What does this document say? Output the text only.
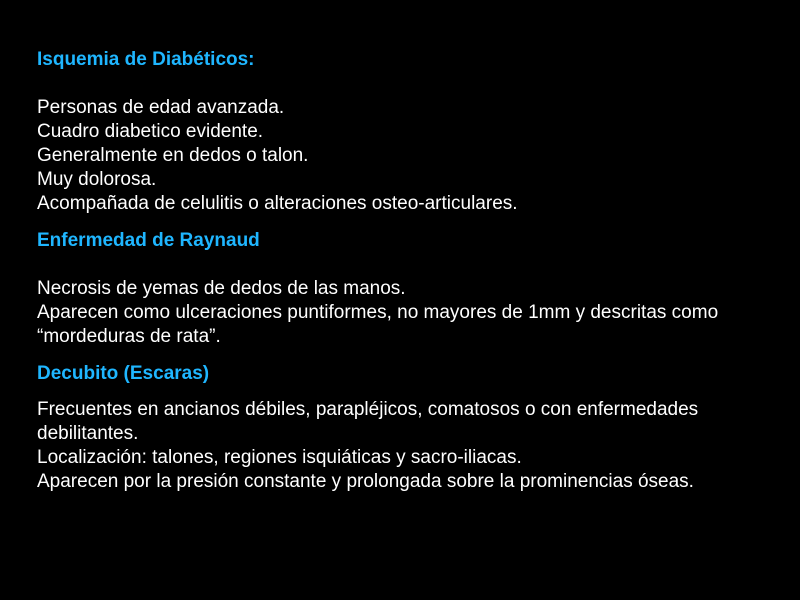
Isquemia de Diabéticos:

Personas de edad avanzada.

Cuadro diabetico evidente.

Generalmente en dedos o talon.

Muy dolorosa.

Acompañada de celulitis o alteraciones osteo-articulares.

Enfermedad de Raynaud

Necrosis de yemas de dedos de las manos.

Aparecen como ulceraciones puntiformes, no mayores de 1mm y descritas como “mordeduras de rata”.

Decubito (Escaras)

Frecuentes en ancianos débiles, parapléjicos, comatosos o con enfermedades debilitantes.

Localización: talones, regiones isquiáticas y sacro-iliacas.

Aparecen por la presión constante y prolongada sobre la prominencias óseas.
